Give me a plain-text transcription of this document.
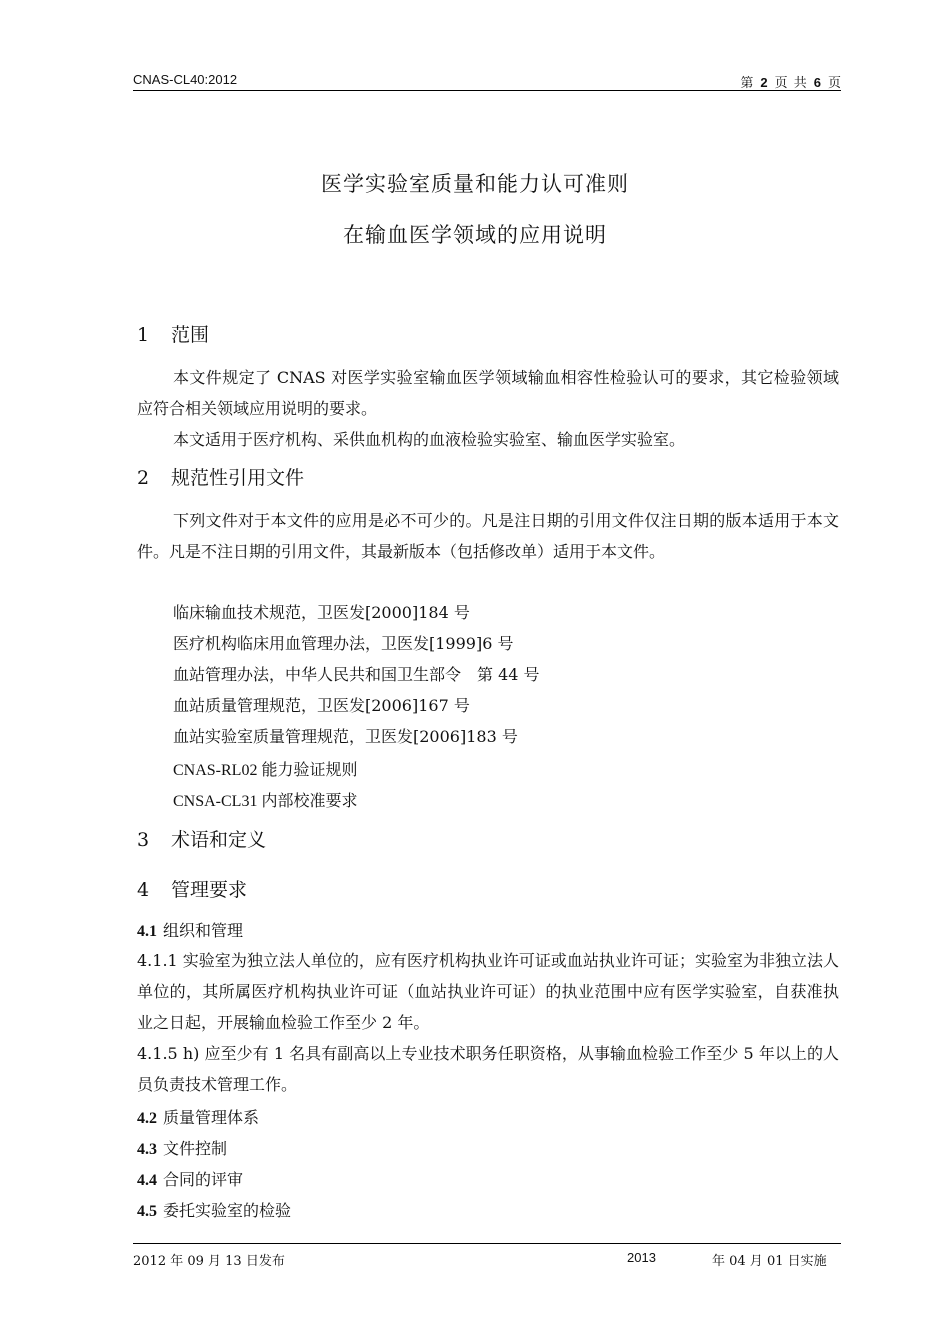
CNAS-CL40:2012	第 2 页 共 6 页
医学实验室质量和能力认可准则
在输血医学领域的应用说明
1 范围
本文件规定了 CNAS 对医学实验室输血医学领域输血相容性检验认可的要求，其它检验领域应符合相关领域应用说明的要求。
本文适用于医疗机构、采供血机构的血液检验实验室、输血医学实验室。
2 规范性引用文件
下列文件对于本文件的应用是必不可少的。凡是注日期的引用文件仅注日期的版本适用于本文件。凡是不注日期的引用文件，其最新版本（包括修改单）适用于本文件。
临床输血技术规范，卫医发[2000]184 号
医疗机构临床用血管理办法，卫医发[1999]6 号
血站管理办法，中华人民共和国卫生部令　第 44 号
血站质量管理规范，卫医发[2006]167 号
血站实验室质量管理规范，卫医发[2006]183 号
CNAS-RL02 能力验证规则
CNSA-CL31 内部校准要求
3 术语和定义
4 管理要求
4.1 组织和管理
4.1.1 实验室为独立法人单位的，应有医疗机构执业许可证或血站执业许可证；实验室为非独立法人单位的，其所属医疗机构执业许可证（血站执业许可证）的执业范围中应有医学实验室，自获准执业之日起，开展输血检验工作至少 2 年。
4.1.5 h) 应至少有 1 名具有副高以上专业技术职务任职资格，从事输血检验工作至少 5 年以上的人员负责技术管理工作。
4.2 质量管理体系
4.3 文件控制
4.4 合同的评审
4.5 委托实验室的检验
2012 年 09 月 13 日发布	2013	年 04 月 01 日实施
